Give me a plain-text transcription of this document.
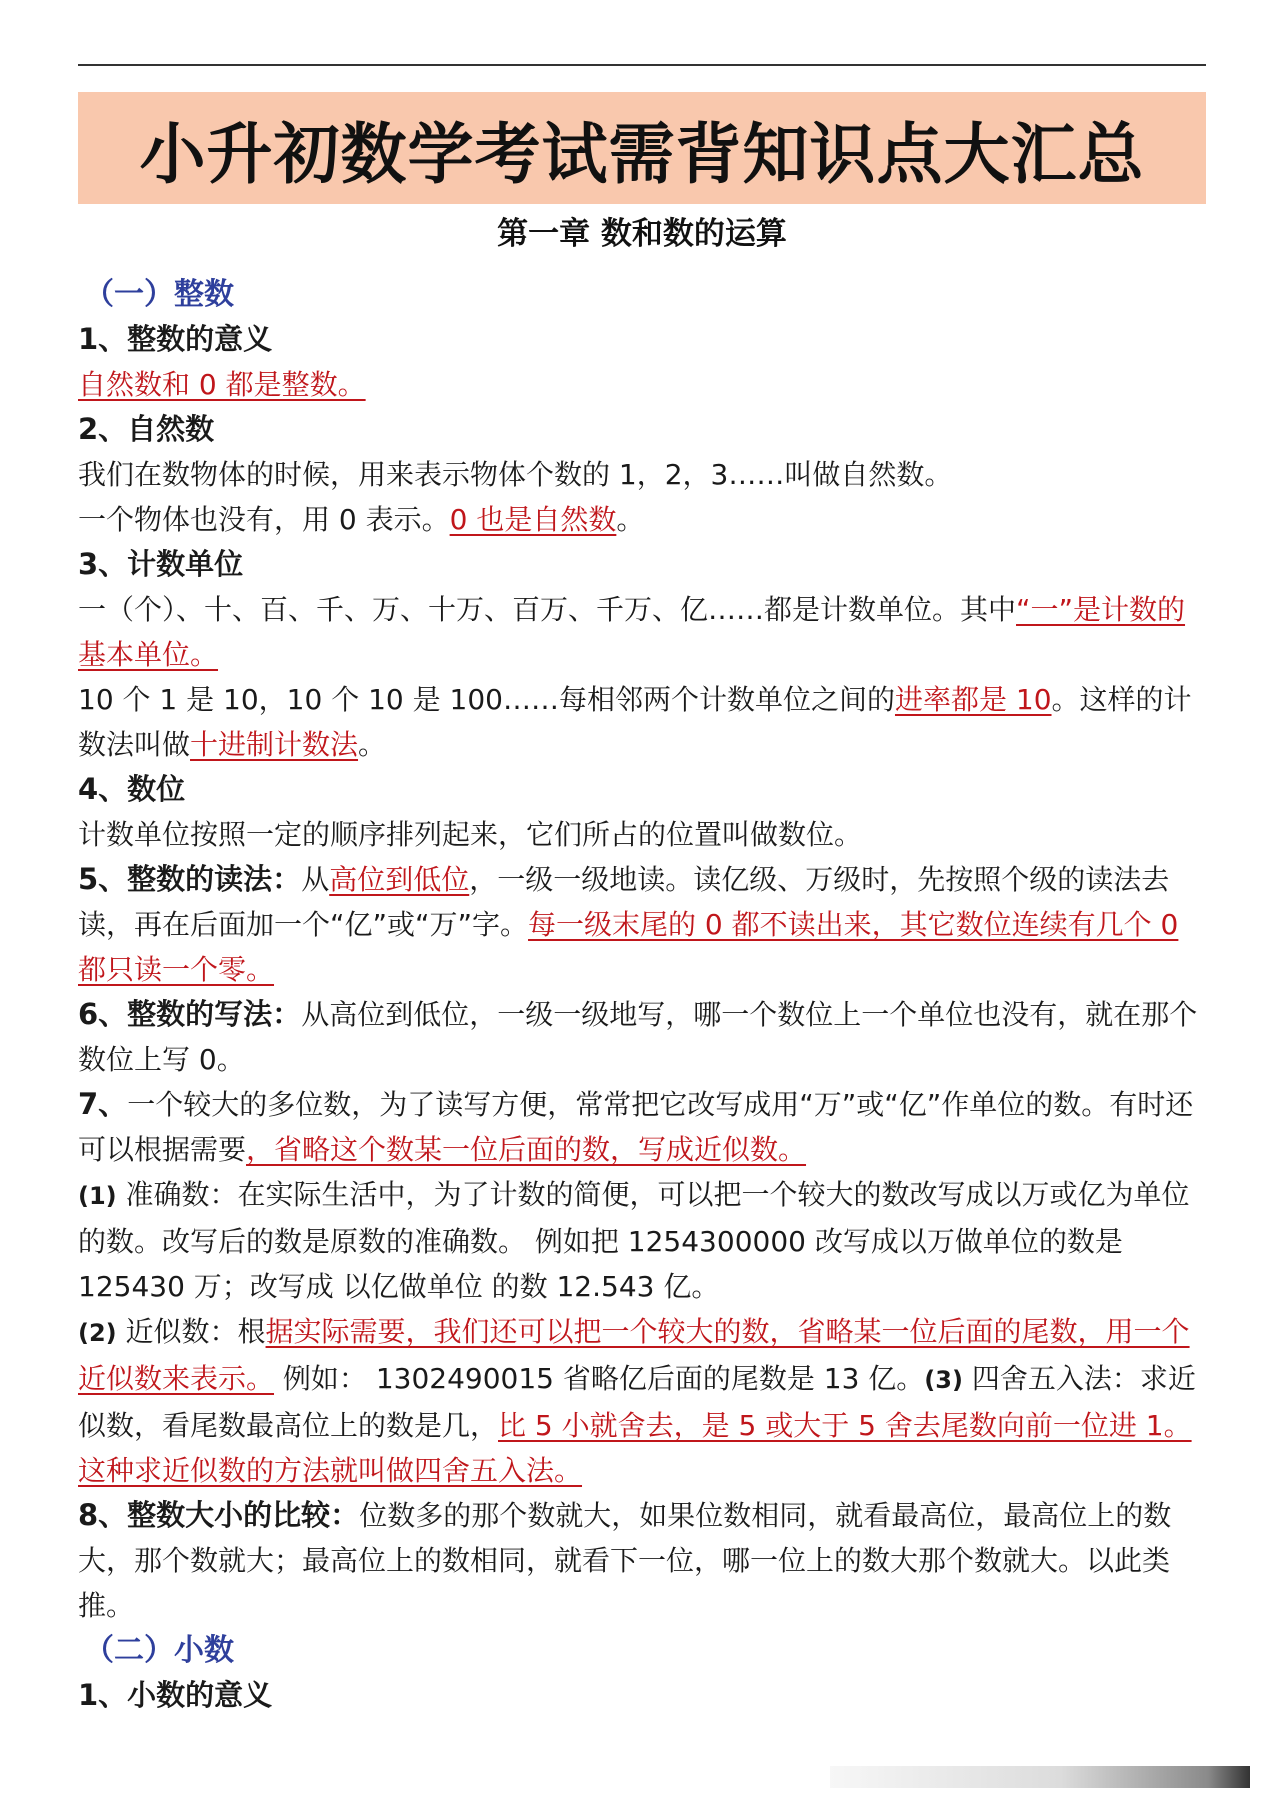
小升初数学考试需背知识点大汇总
第一章 数和数的运算

（一）整数

1、整数的意义

自然数和 0 都是整数。

2、自然数

我们在数物体的时候，用来表示物体个数的 1，2，3……叫做自然数。

一个物体也没有，用 0 表示。0 也是自然数。

3、计数单位

一（个）、十、百、千、万、十万、百万、千万、亿……都是计数单位。其中“一”是计数的基本单位。

10 个 1 是 10，10 个 10 是 100……每相邻两个计数单位之间的进率都是 10。这样的计数法叫做十进制计数法。

4、数位

计数单位按照一定的顺序排列起来，它们所占的位置叫做数位。

5、整数的读法：从高位到低位，一级一级地读。读亿级、万级时，先按照个级的读法去读，再在后面加一个“亿”或“万”字。每一级末尾的 0 都不读出来，其它数位连续有几个 0 都只读一个零。

6、整数的写法：从高位到低位，一级一级地写，哪一个数位上一个单位也没有，就在那个数位上写 0。

7、一个较大的多位数，为了读写方便，常常把它改写成用“万”或“亿”作单位的数。有时还可以根据需要，省略这个数某一位后面的数，写成近似数。

(1) 准确数：在实际生活中，为了计数的简便，可以把一个较大的数改写成以万或亿为单位的数。改写后的数是原数的准确数。 例如把 1254300000 改写成以万做单位的数是 125430 万；改写成 以亿做单位 的数 12.543 亿。

(2) 近似数：根据实际需要，我们还可以把一个较大的数，省略某一位后面的尾数，用一个近似数来表示。 例如： 1302490015 省略亿后面的尾数是 13 亿。(3) 四舍五入法：求近似数，看尾数最高位上的数是几，比 5 小就舍去，是 5 或大于 5 舍去尾数向前一位进 1。这种求近似数的方法就叫做四舍五入法。

8、整数大小的比较：位数多的那个数就大，如果位数相同，就看最高位，最高位上的数大，那个数就大；最高位上的数相同，就看下一位，哪一位上的数大那个数就大。以此类推。

（二）小数

1、小数的意义
